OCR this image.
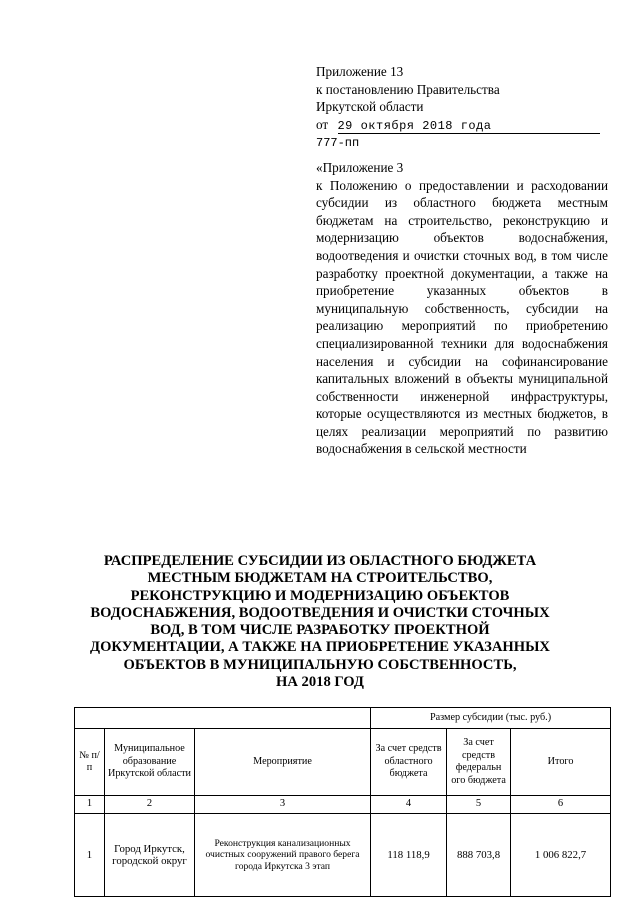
Приложение 13
к постановлению Правительства
Иркутской области
от 29 октября 2018 года
777-пп
«Приложение 3
к Положению о предоставлении и расходовании субсидии из областного бюджета местным бюджетам на строительство, реконструкцию и модернизацию объектов водоснабжения, водоотведения и очистки сточных вод, в том числе разработку проектной документации, а также на приобретение указанных объектов в муниципальную собственность, субсидии на реализацию мероприятий по приобретению специализированной техники для водоснабжения населения и субсидии на софинансирование капитальных вложений в объекты муниципальной собственности инженерной инфраструктуры, которые осуществляются из местных бюджетов, в целях реализации мероприятий по развитию водоснабжения в сельской местности
РАСПРЕДЕЛЕНИЕ СУБСИДИИ ИЗ ОБЛАСТНОГО БЮДЖЕТА
МЕСТНЫМ БЮДЖЕТАМ НА СТРОИТЕЛЬСТВО,
РЕКОНСТРУКЦИЮ И МОДЕРНИЗАЦИЮ ОБЪЕКТОВ
ВОДОСНАБЖЕНИЯ, ВОДООТВЕДЕНИЯ И ОЧИСТКИ СТОЧНЫХ
ВОД, В ТОМ ЧИСЛЕ РАЗРАБОТКУ ПРОЕКТНОЙ
ДОКУМЕНТАЦИИ, А ТАКЖЕ НА ПРИОБРЕТЕНИЕ УКАЗАННЫХ
ОБЪЕКТОВ В МУНИЦИПАЛЬНУЮ СОБСТВЕННОСТЬ,
НА 2018 ГОД
			Размер субсидии (тыс. руб.)		
№ п/п	Муниципальное образование Иркутской области	Мероприятие	За счет средств областного бюджета	За счет средств федеральн ого бюджета	Итого
1	2	3	4	5	6
1	Город Иркутск, городской округ	Реконструкция канализационных очистных сооружений правого берега города Иркутска 3 этап	118 118,9	888 703,8	1 006 822,7
